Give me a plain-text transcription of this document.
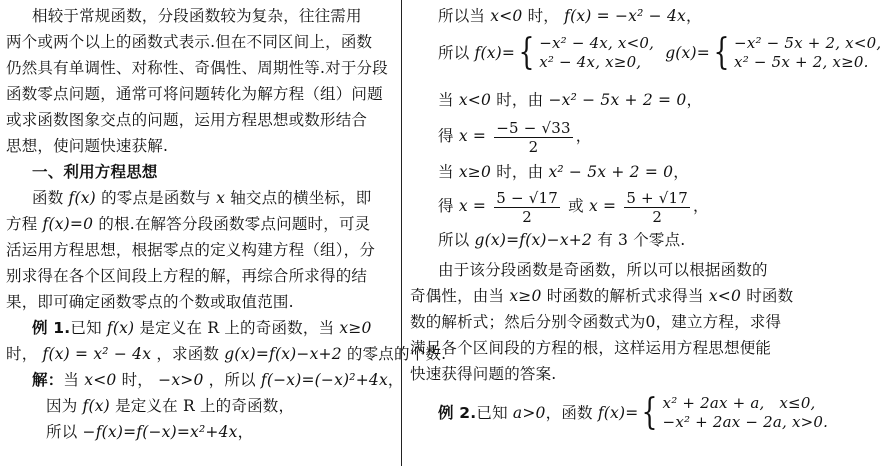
相较于常规函数，分段函数较为复杂，往往需用
两个或两个以上的函数式表示.但在不同区间上，函数
仍然具有单调性、对称性、奇偶性、周期性等.对于分段
函数零点问题，通常可将问题转化为解方程（组）问题
或求函数图象交点的问题，运用方程思想或数形结合
思想，使问题快速获解.
一、利用方程思想
函数 f(x) 的零点是函数与 x 轴交点的横坐标，即
方程 f(x)=0 的根.在解答分段函数零点问题时，可灵
活运用方程思想，根据零点的定义构建方程（组），分
别求得在各个区间段上方程的解，再综合所求得的结
果，即可确定函数零点的个数或取值范围.
例 1.已知 f(x) 是定义在 R 上的奇函数，当 x≥0
时， f(x) = x² − 4x ，求函数 g(x)=f(x)−x+2 的零点的个数.
解：当 x<0 时， −x>0 ，所以 f(−x)=(−x)²+4x，
因为 f(x) 是定义在 R 上的奇函数，
所以 −f(x)=f(−x)=x²+4x，
所以当 x<0 时， f(x) = −x² − 4x，
所以
f(x)= { −x² − 4x, x<0,
x² − 4x, x≥0,
	g(x)= { −x² − 5x + 2, x<0,
x² − 5x + 2, x≥0.
当 x<0 时，由 −x² − 5x + 2 = 0，
得 $x = \frac{-5 - √33}{2}$ ，
当 x≥0 时，由 x² − 5x + 2 = 0，
得 $x = \frac{5 - √17}{2}$ 或 $x = \frac{5 + √17}{2}$ ，
所以 g(x)=f(x)−x+2 有 3 个零点.
由于该分段函数是奇函数，所以可以根据函数的
奇偶性，由当 x≥0 时函数的解析式求得当 x<0 时函数
数的解析式；然后分别令函数式为0，建立方程，求得
满足各个区间段的方程的根，这样运用方程思想便能
快速获得问题的答案.
例 2. 已知
a>0 ，函数
f(x)= { x² + 2ax + a,   x≤0,
−x² + 2ax − 2a, x>0.
